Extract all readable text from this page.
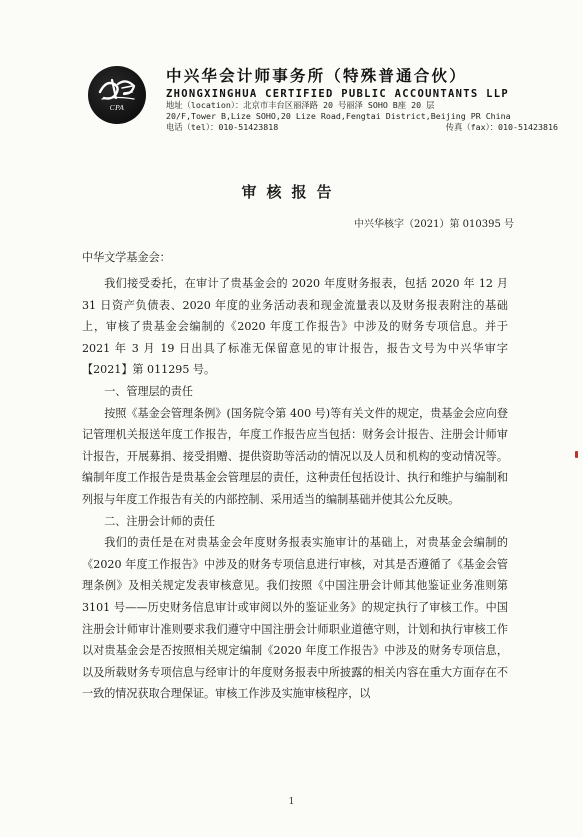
CPA
中兴华会计师事务所（特殊普通合伙）
ZHONGXINGHUA CERTIFIED PUBLIC ACCOUNTANTS LLP
地址（location）：北京市丰台区丽泽路 20 号丽泽 SOHO B座 20 层
20/F,Tower B,Lize SOHO,20 Lize Road,Fengtai District,Beijing PR China
电话（tel）：010-51423818	传真（fax）：010-51423816
审核报告
中兴华核字（2021）第 010395 号

中华文学基金会：

我们接受委托，在审计了贵基金会的 2020 年度财务报表，包括 2020 年 12 月 31 日资产负债表、2020 年度的业务活动表和现金流量表以及财务报表附注的基础上，审核了贵基金会编制的《2020 年度工作报告》中涉及的财务专项信息。并于 2021 年 3 月 19 日出具了标准无保留意见的审计报告，报告文号为中兴华审字【2021】第 011295 号。

一、管理层的责任

按照《基金会管理条例》(国务院令第 400 号)等有关文件的规定，贵基金会应向登记管理机关报送年度工作报告，年度工作报告应当包括：财务会计报告、注册会计师审计报告，开展募捐、接受捐赠、提供资助等活动的情况以及人员和机构的变动情况等。编制年度工作报告是贵基金会管理层的责任，这种责任包括设计、执行和维护与编制和列报与年度工作报告有关的内部控制、采用适当的编制基础并使其公允反映。

二、注册会计师的责任

我们的责任是在对贵基金会年度财务报表实施审计的基础上，对贵基金会编制的《2020 年度工作报告》中涉及的财务专项信息进行审核，对其是否遵循了《基金会管理条例》及相关规定发表审核意见。我们按照《中国注册会计师其他鉴证业务准则第 3101 号——历史财务信息审计或审阅以外的鉴证业务》的规定执行了审核工作。中国注册会计师审计准则要求我们遵守中国注册会计师职业道德守则，计划和执行审核工作以对贵基金会是否按照相关规定编制《2020 年度工作报告》中涉及的财务专项信息，以及所载财务专项信息与经审计的年度财务报表中所披露的相关内容在重大方面存在不一致的情况获取合理保证。审核工作涉及实施审核程序，以

1
